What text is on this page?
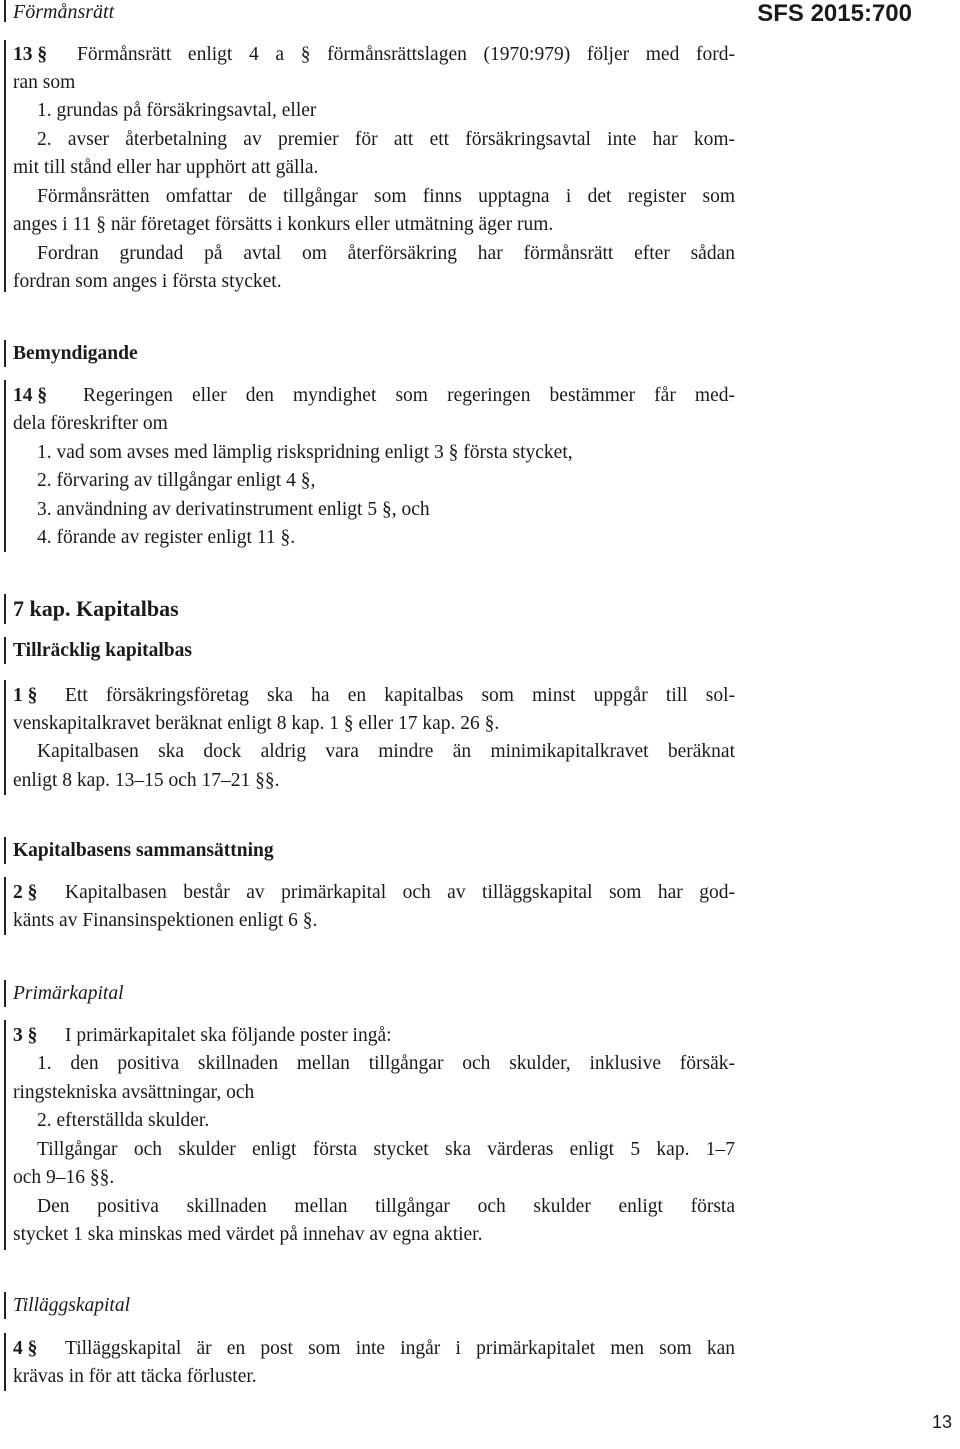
Förmånsrätt	SFS 2015:700
13 § Förmånsrätt enligt 4 a § förmånsrättslagen (1970:979) följer med ford-
ran som
1. grundas på försäkringsavtal, eller
2. avser återbetalning av premier för att ett försäkringsavtal inte har kom-
mit till stånd eller har upphört att gälla.
Förmånsrätten omfattar de tillgångar som finns upptagna i det register som
anges i 11 § när företaget försätts i konkurs eller utmätning äger rum.
Fordran grundad på avtal om återförsäkring har förmånsrätt efter sådan
fordran som anges i första stycket.
Bemyndigande
14 § Regeringen eller den myndighet som regeringen bestämmer får med-
dela föreskrifter om
1. vad som avses med lämplig riskspridning enligt 3 § första stycket,
2. förvaring av tillgångar enligt 4 §,
3. användning av derivatinstrument enligt 5 §, och
4. förande av register enligt 11 §.
7 kap. Kapitalbas
Tillräcklig kapitalbas
1 § Ett försäkringsföretag ska ha en kapitalbas som minst uppgår till sol-
venskapitalkravet beräknat enligt 8 kap. 1 § eller 17 kap. 26 §.
Kapitalbasen ska dock aldrig vara mindre än minimikapitalkravet beräknat
enligt 8 kap. 13–15 och 17–21 §§.
Kapitalbasens sammansättning
2 § Kapitalbasen består av primärkapital och av tilläggskapital som har god-
känts av Finansinspektionen enligt 6 §.
Primärkapital
3 § I primärkapitalet ska följande poster ingå:
1. den positiva skillnaden mellan tillgångar och skulder, inklusive försäk-
ringstekniska avsättningar, och
2. efterställda skulder.
Tillgångar och skulder enligt första stycket ska värderas enligt 5 kap. 1–7
och 9–16 §§.
Den positiva skillnaden mellan tillgångar och skulder enligt första
stycket 1 ska minskas med värdet på innehav av egna aktier.
Tilläggskapital
4 § Tilläggskapital är en post som inte ingår i primärkapitalet men som kan
krävas in för att täcka förluster.
13
